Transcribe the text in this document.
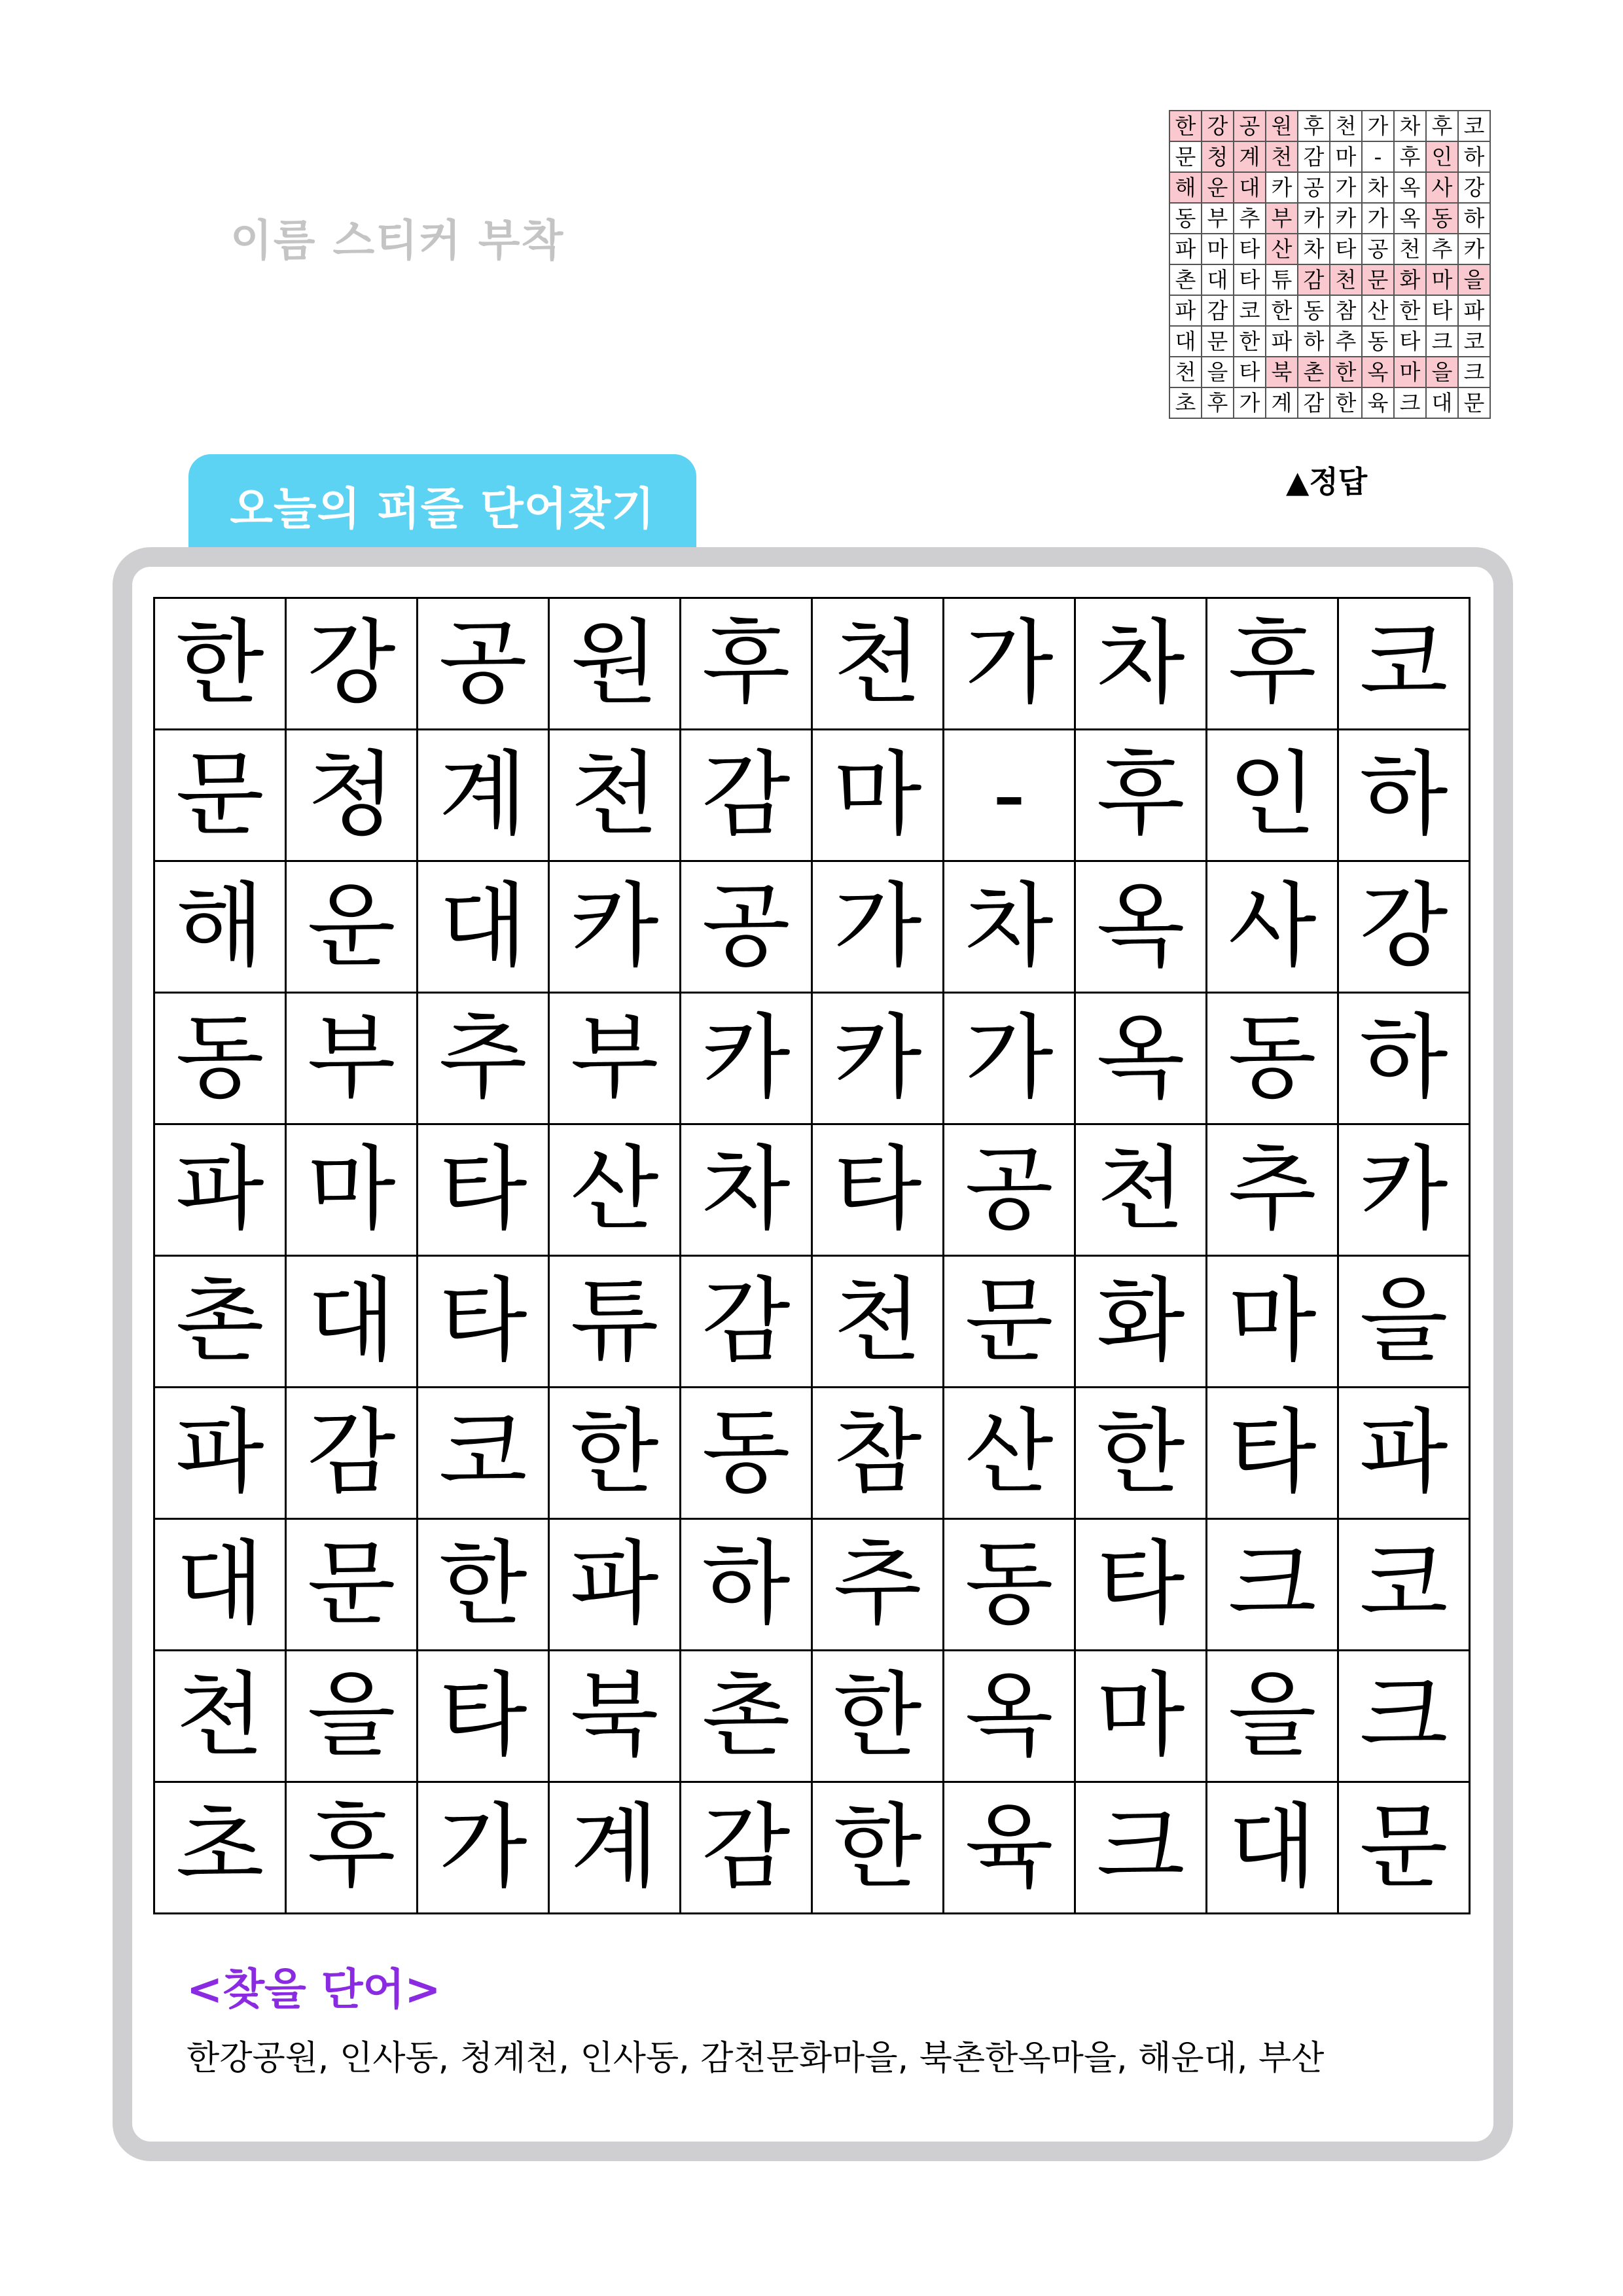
이름 스티커 부착
한	강	공	원	후	천	가	차	후	코
문	청	계	천	감	마	-	후	인	하
해	운	대	카	공	가	차	옥	사	강
동	부	추	부	카	카	가	옥	동	하
파	마	타	산	차	타	공	천	추	카
촌	대	타	튜	감	천	문	화	마	을
파	감	코	한	동	참	산	한	타	파
대	문	한	파	하	추	동	타	크	코
천	을	타	북	촌	한	옥	마	을	크
초	후	가	계	감	한	육	크	대	문
▲정답
오늘의 퍼즐 단어찾기
한	강	공	원	후	천	가	차	후	코
문	청	계	천	감	마	-	후	인	하
해	운	대	카	공	가	차	옥	사	강
동	부	추	부	카	카	가	옥	동	하
파	마	타	산	차	타	공	천	추	카
촌	대	타	튜	감	천	문	화	마	을
파	감	코	한	동	참	산	한	타	파
대	문	한	파	하	추	동	타	크	코
천	을	타	북	촌	한	옥	마	을	크
초	후	가	계	감	한	육	크	대	문
<찾을 단어>
한강공원, 인사동, 청계천, 인사동, 감천문화마을, 북촌한옥마을, 해운대, 부산
